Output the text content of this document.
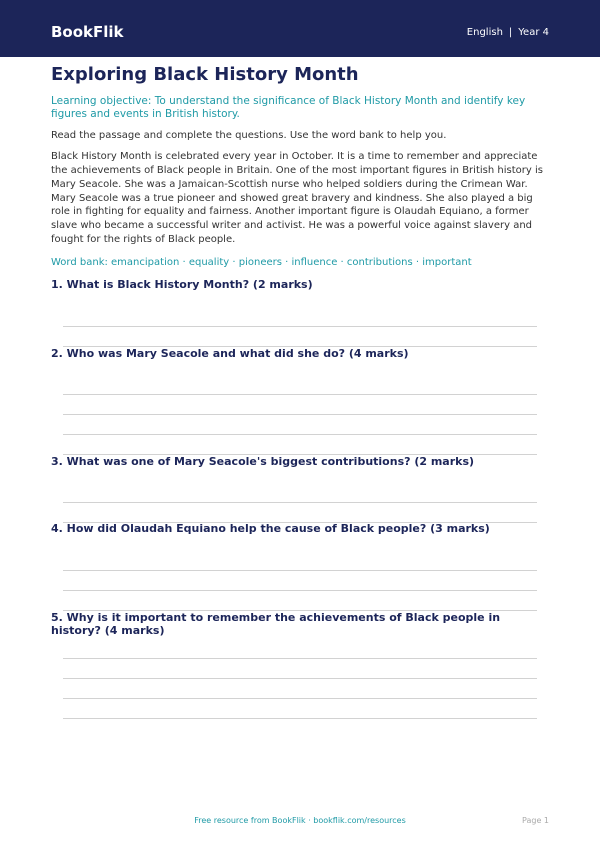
BookFlik	English | Year 4
Exploring Black History Month

Learning objective: To understand the significance of Black History Month and identify key figures and events in British history.

Read the passage and complete the questions. Use the word bank to help you.

Black History Month is celebrated every year in October. It is a time to remember and appreciate the achievements of Black people in Britain. One of the most important figures in British history is Mary Seacole. She was a Jamaican-Scottish nurse who helped soldiers during the Crimean War. Mary Seacole was a true pioneer and showed great bravery and kindness. She also played a big role in fighting for equality and fairness. Another important figure is Olaudah Equiano, a former slave who became a successful writer and activist. He was a powerful voice against slavery and fought for the rights of Black people.

Word bank: emancipation · equality · pioneers · influence · contributions · important

1. What is Black History Month? (2 marks)
2. Who was Mary Seacole and what did she do? (4 marks)
3. What was one of Mary Seacole's biggest contributions? (2 marks)
4. How did Olaudah Equiano help the cause of Black people? (3 marks)
5. Why is it important to remember the achievements of Black people in history? (4 marks)
Free resource from BookFlik · bookflik.com/resources	Page 1
